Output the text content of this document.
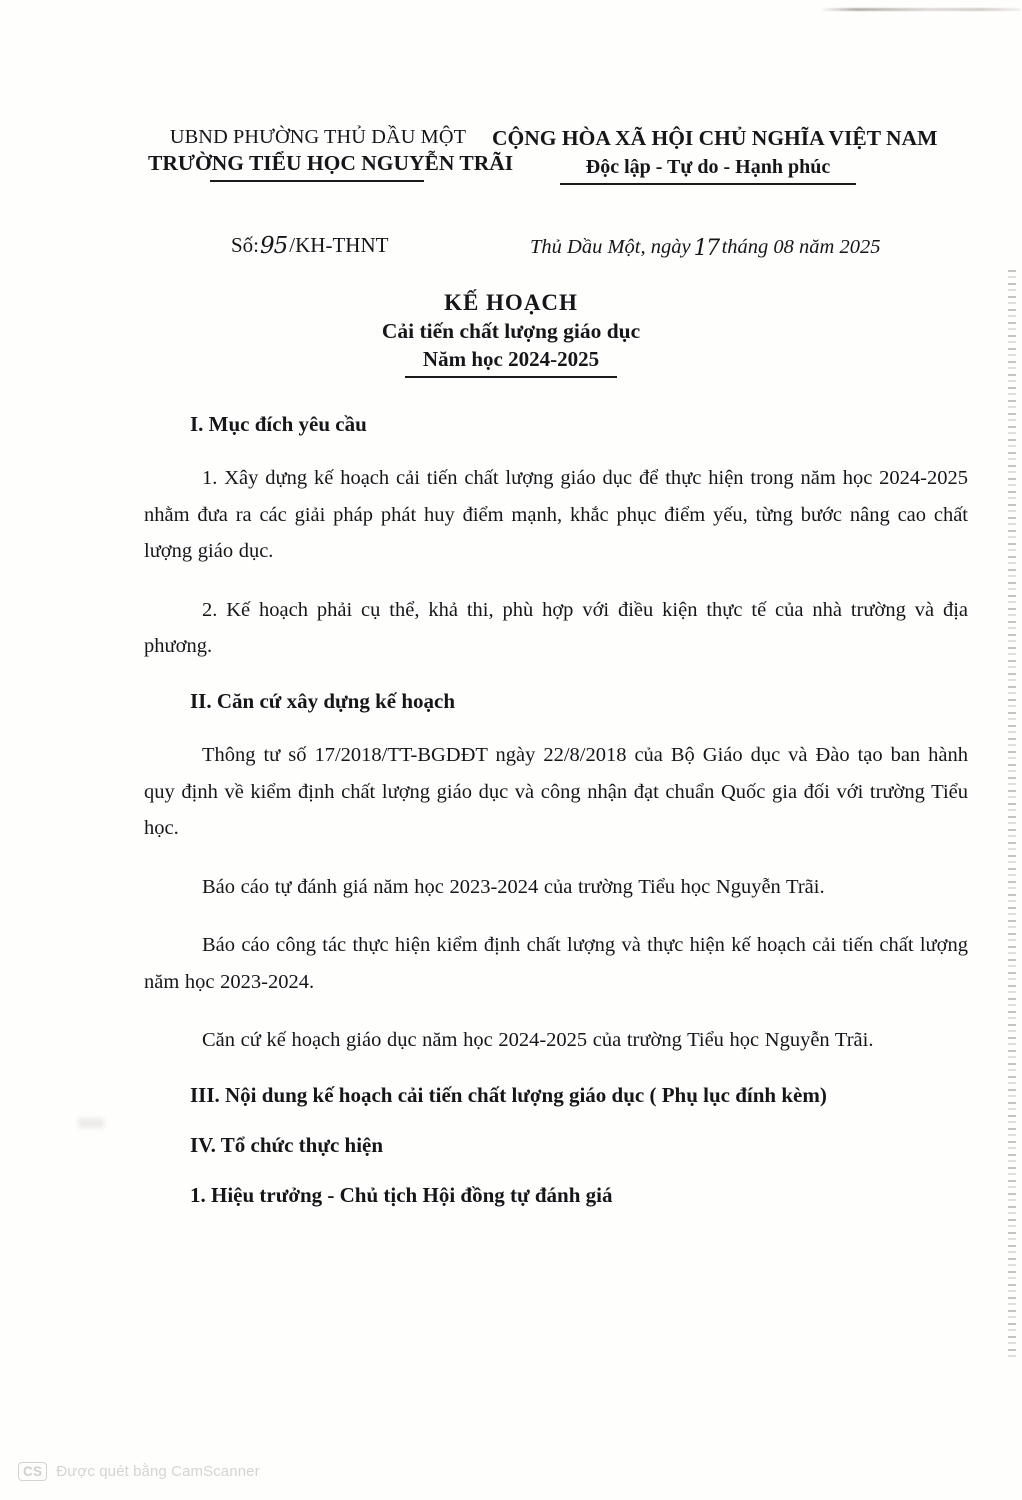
UBND PHƯỜNG THỦ DẦU MỘT
TRƯỜNG TIỂU HỌC NGUYỄN TRÃI
CỘNG HÒA XÃ HỘI CHỦ NGHĨA VIỆT NAM
Độc lập - Tự do - Hạnh phúc
Số:95/KH-THNT	Thủ Dầu Một, ngày 17 tháng 08 năm 2025
KẾ HOẠCH
Cải tiến chất lượng giáo dục
Năm học 2024-2025
I. Mục đích yêu cầu

1. Xây dựng kế hoạch cải tiến chất lượng giáo dục để thực hiện trong năm học 2024-2025 nhằm đưa ra các giải pháp phát huy điểm mạnh, khắc phục điểm yếu, từng bước nâng cao chất lượng giáo dục.

2. Kế hoạch phải cụ thể, khả thi, phù hợp với điều kiện thực tế của nhà trường và địa phương.

II. Căn cứ xây dựng kế hoạch

Thông tư số 17/2018/TT-BGDĐT ngày 22/8/2018 của Bộ Giáo dục và Đào tạo ban hành quy định về kiểm định chất lượng giáo dục và công nhận đạt chuẩn Quốc gia đối với trường Tiểu học.

Báo cáo tự đánh giá năm học 2023-2024 của trường Tiểu học Nguyễn Trãi.

Báo cáo công tác thực hiện kiểm định chất lượng và thực hiện kế hoạch cải tiến chất lượng năm học 2023-2024.

Căn cứ kế hoạch giáo dục năm học 2024-2025 của trường Tiểu học Nguyễn Trãi.

III. Nội dung kế hoạch cải tiến chất lượng giáo dục ( Phụ lục đính kèm)
IV. Tổ chức thực hiện
1. Hiệu trưởng - Chủ tịch Hội đồng tự đánh giá
CS Được quét bằng CamScanner
